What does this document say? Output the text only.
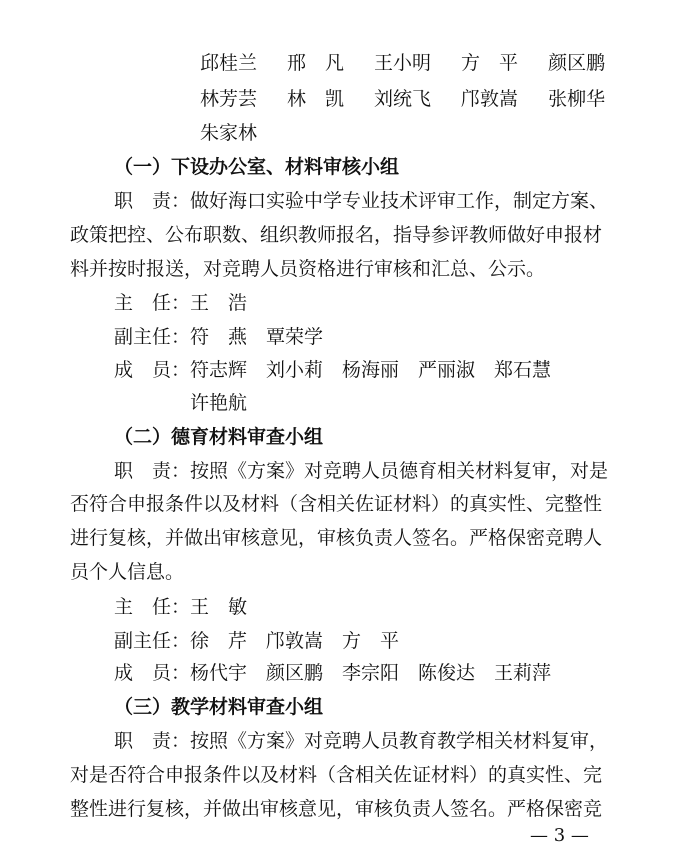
邱桂兰 邢　凡 王小明 方　平 颜区鹏
林芳芸 林　凯 刘统飞 邝敦嵩 张柳华
朱家林
（一）下设办公室、材料审核小组
职　责：做好海口实验中学专业技术评审工作，制定方案、
政策把控、公布职数、组织教师报名，指导参评教师做好申报材
料并按时报送，对竞聘人员资格进行审核和汇总、公示。
主　任：王　浩
副主任：符　燕　覃荣学
成　员：符志辉　刘小莉　杨海丽　严丽淑　郑石慧
许艳航
（二）德育材料审查小组
职　责：按照《方案》对竞聘人员德育相关材料复审，对是
否符合申报条件以及材料（含相关佐证材料）的真实性、完整性
进行复核，并做出审核意见，审核负责人签名。严格保密竞聘人
员个人信息。
主　任：王　敏
副主任：徐　芹　邝敦嵩　方　平
成　员：杨代宇　颜区鹏　李宗阳　陈俊达　王莉萍
（三）教学材料审查小组
职　责：按照《方案》对竞聘人员教育教学相关材料复审，
对是否符合申报条件以及材料（含相关佐证材料）的真实性、完
整性进行复核，并做出审核意见，审核负责人签名。严格保密竞
— 3 —
